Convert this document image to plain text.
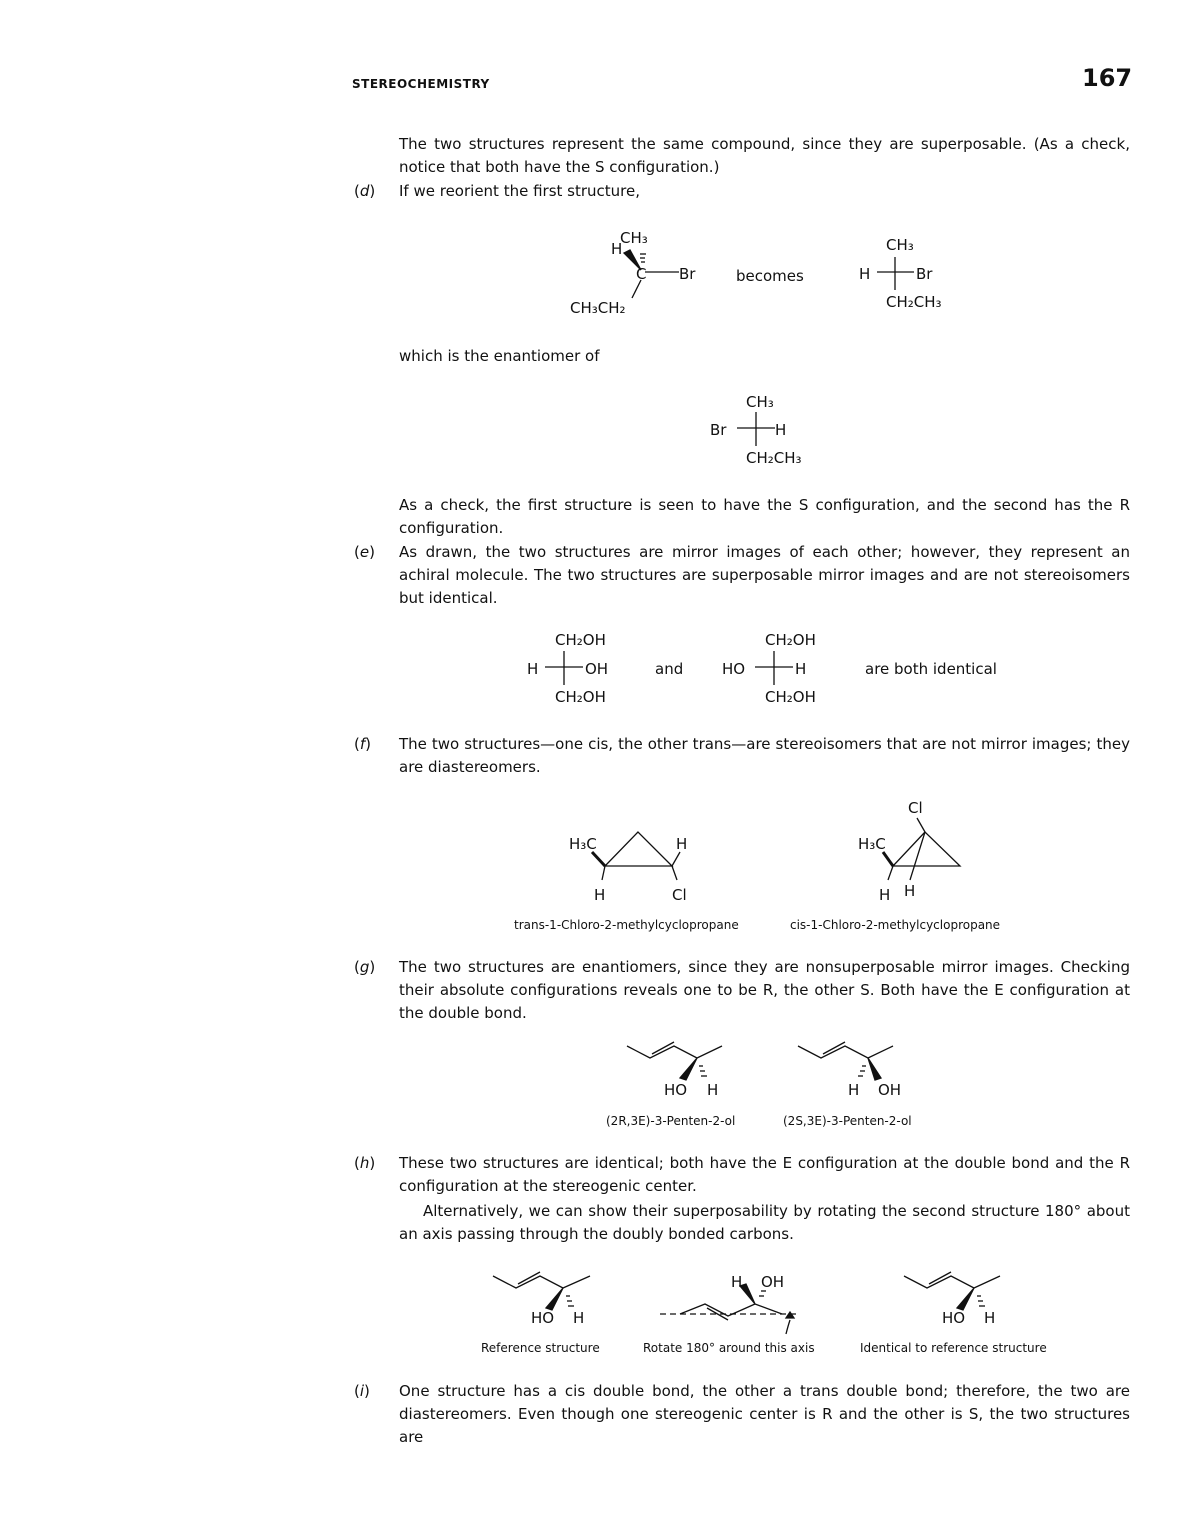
STEREOCHEMISTRY	167
The two structures represent the same compound, since they are superposable. (As a check, notice that both have the S configuration.)
(d) If we reorient the first structure,
which is the enantiomer of
As a check, the first structure is seen to have the S configuration, and the second has the R configuration.
(e) As drawn, the two structures are mirror images of each other; however, they represent an achiral molecule. The two structures are superposable mirror images and are not stereoisomers but identical.
(f) The two structures—one cis, the other trans—are stereoisomers that are not mirror images; they are diastereomers.
(g) The two structures are enantiomers, since they are nonsuperposable mirror images. Checking their absolute configurations reveals one to be R, the other S. Both have the E configuration at the double bond.
(h) These two structures are identical; both have the E configuration at the double bond and the R configuration at the stereogenic center.
Alternatively, we can show their superposability by rotating the second structure 180° about an axis passing through the doubly bonded carbons.
(i) One structure has a cis double bond, the other a trans double bond; therefore, the two are diastereomers. Even though one stereogenic center is R and the other is S, the two structures are
H
CH₃
C Br
CH₃CH₂
becomes
CH₃
H	Br
CH₂CH₃
CH₃
Br	H
CH₂CH₃
CH₂OH
H	OH
CH₂OH
and
CH₂OH
HO	H
CH₂OH
are both identical
H₃C	H
H	Cl
Cl
H₃C
H H
HO H	H OH
HO H
H OH
HO H
trans-1-Chloro-2-methylcyclopropane	cis-1-Chloro-2-methylcyclopropane
(2R,3E)-3-Penten-2-ol	(2S,3E)-3-Penten-2-ol
Reference structure	Rotate 180° around this axis	Identical to reference structure
